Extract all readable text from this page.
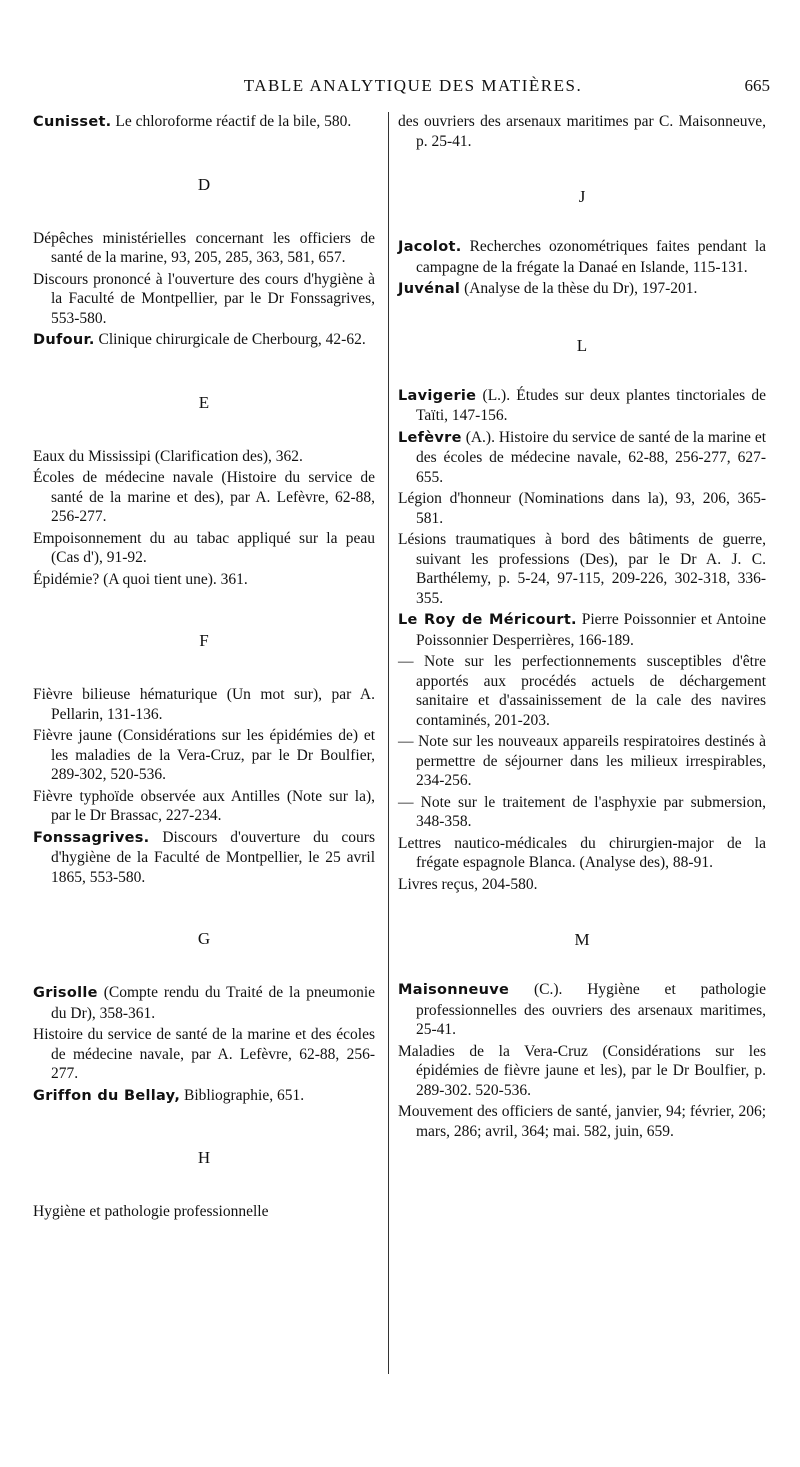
TABLE ANALYTIQUE DES MATIÈRES.	665
Cunisset. Le chloroforme réactif de la bile, 580.
D
Dépêches ministérielles concernant les officiers de santé de la marine, 93, 205, 285, 363, 581, 657.
Discours prononcé à l'ouverture des cours d'hygiène à la Faculté de Montpellier, par le Dr Fonssagrives, 553-580.
Dufour. Clinique chirurgicale de Cherbourg, 42-62.
E
Eaux du Mississipi (Clarification des), 362.
Écoles de médecine navale (Histoire du service de santé de la marine et des), par A. Lefèvre, 62-88, 256-277.
Empoisonnement du au tabac appliqué sur la peau (Cas d'), 91-92.
Épidémie? (A quoi tient une). 361.
F
Fièvre bilieuse hématurique (Un mot sur), par A. Pellarin, 131-136.
Fièvre jaune (Considérations sur les épidémies de) et les maladies de la Vera-Cruz, par le Dr Boulfier, 289-302, 520-536.
Fièvre typhoïde observée aux Antilles (Note sur la), par le Dr Brassac, 227-234.
Fonssagrives. Discours d'ouverture du cours d'hygiène de la Faculté de Montpellier, le 25 avril 1865, 553-580.
G
Grisolle (Compte rendu du Traité de la pneumonie du Dr), 358-361.
Histoire du service de santé de la marine et des écoles de médecine navale, par A. Lefèvre, 62-88, 256-277.
Griffon du Bellay, Bibliographie, 651.
H
Hygiène et pathologie professionnelle
des ouvriers des arsenaux maritimes par C. Maisonneuve, p. 25-41.
J
Jacolot. Recherches ozonométriques faites pendant la campagne de la frégate la Danaé en Islande, 115-131.
Juvénal (Analyse de la thèse du Dr), 197-201.
L
Lavigerie (L.). Études sur deux plantes tinctoriales de Taïti, 147-156.
Lefèvre (A.). Histoire du service de santé de la marine et des écoles de médecine navale, 62-88, 256-277, 627-655.
Légion d'honneur (Nominations dans la), 93, 206, 365-581.
Lésions traumatiques à bord des bâtiments de guerre, suivant les professions (Des), par le Dr A. J. C. Barthélemy, p. 5-24, 97-115, 209-226, 302-318, 336-355.
Le Roy de Méricourt. Pierre Poissonnier et Antoine Poissonnier Desperrières, 166-189.
— Note sur les perfectionnements susceptibles d'être apportés aux procédés actuels de déchargement sanitaire et d'assainissement de la cale des navires contaminés, 201-203.
— Note sur les nouveaux appareils respiratoires destinés à permettre de séjourner dans les milieux irrespirables, 234-256.
— Note sur le traitement de l'asphyxie par submersion, 348-358.
Lettres nautico-médicales du chirurgien-major de la frégate espagnole Blanca. (Analyse des), 88-91.
Livres reçus, 204-580.
M
Maisonneuve (C.). Hygiène et pathologie professionnelles des ouvriers des arsenaux maritimes, 25-41.
Maladies de la Vera-Cruz (Considérations sur les épidémies de fièvre jaune et les), par le Dr Boulfier, p. 289-302. 520-536.
Mouvement des officiers de santé, janvier, 94; février, 206; mars, 286; avril, 364; mai. 582, juin, 659.
